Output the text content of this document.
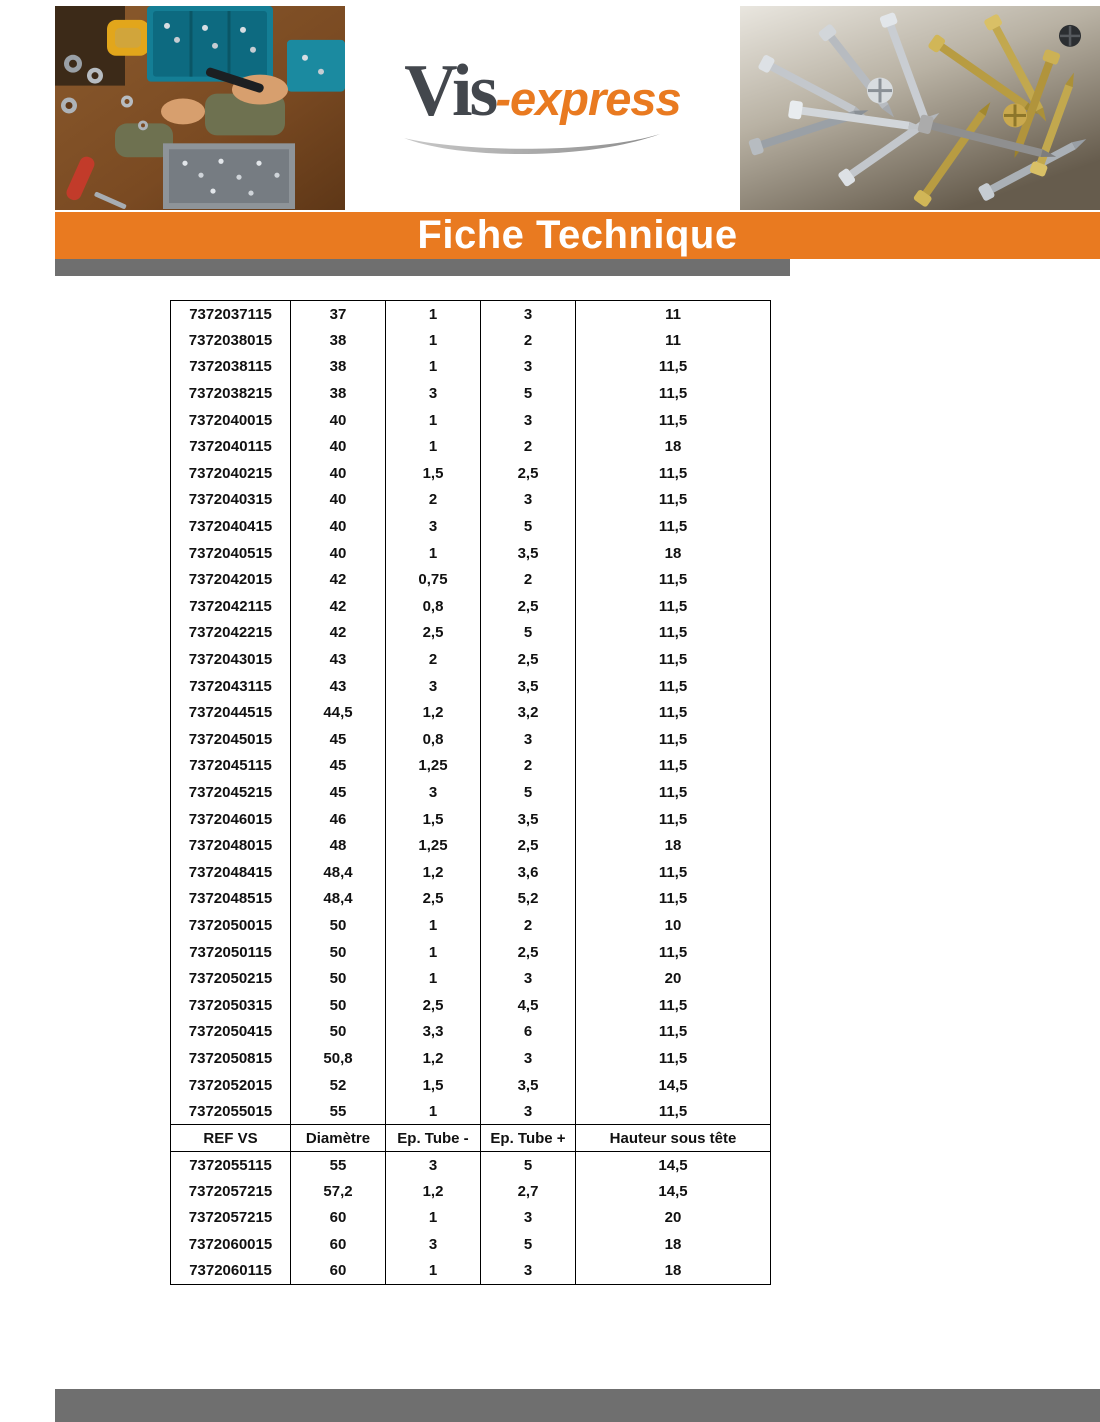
Vis-express
Fiche Technique
7372037115	37	1	3	11
7372038015	38	1	2	11
7372038115	38	1	3	11,5
7372038215	38	3	5	11,5
7372040015	40	1	3	11,5
7372040115	40	1	2	18
7372040215	40	1,5	2,5	11,5
7372040315	40	2	3	11,5
7372040415	40	3	5	11,5
7372040515	40	1	3,5	18
7372042015	42	0,75	2	11,5
7372042115	42	0,8	2,5	11,5
7372042215	42	2,5	5	11,5
7372043015	43	2	2,5	11,5
7372043115	43	3	3,5	11,5
7372044515	44,5	1,2	3,2	11,5
7372045015	45	0,8	3	11,5
7372045115	45	1,25	2	11,5
7372045215	45	3	5	11,5
7372046015	46	1,5	3,5	11,5
7372048015	48	1,25	2,5	18
7372048415	48,4	1,2	3,6	11,5
7372048515	48,4	2,5	5,2	11,5
7372050015	50	1	2	10
7372050115	50	1	2,5	11,5
7372050215	50	1	3	20
7372050315	50	2,5	4,5	11,5
7372050415	50	3,3	6	11,5
7372050815	50,8	1,2	3	11,5
7372052015	52	1,5	3,5	14,5
7372055015	55	1	3	11,5
REF VS	Diamètre	Ep. Tube -	Ep. Tube +	Hauteur sous tête
7372055115	55	3	5	14,5
7372057215	57,2	1,2	2,7	14,5
7372057215	60	1	3	20
7372060015	60	3	5	18
7372060115	60	1	3	18
